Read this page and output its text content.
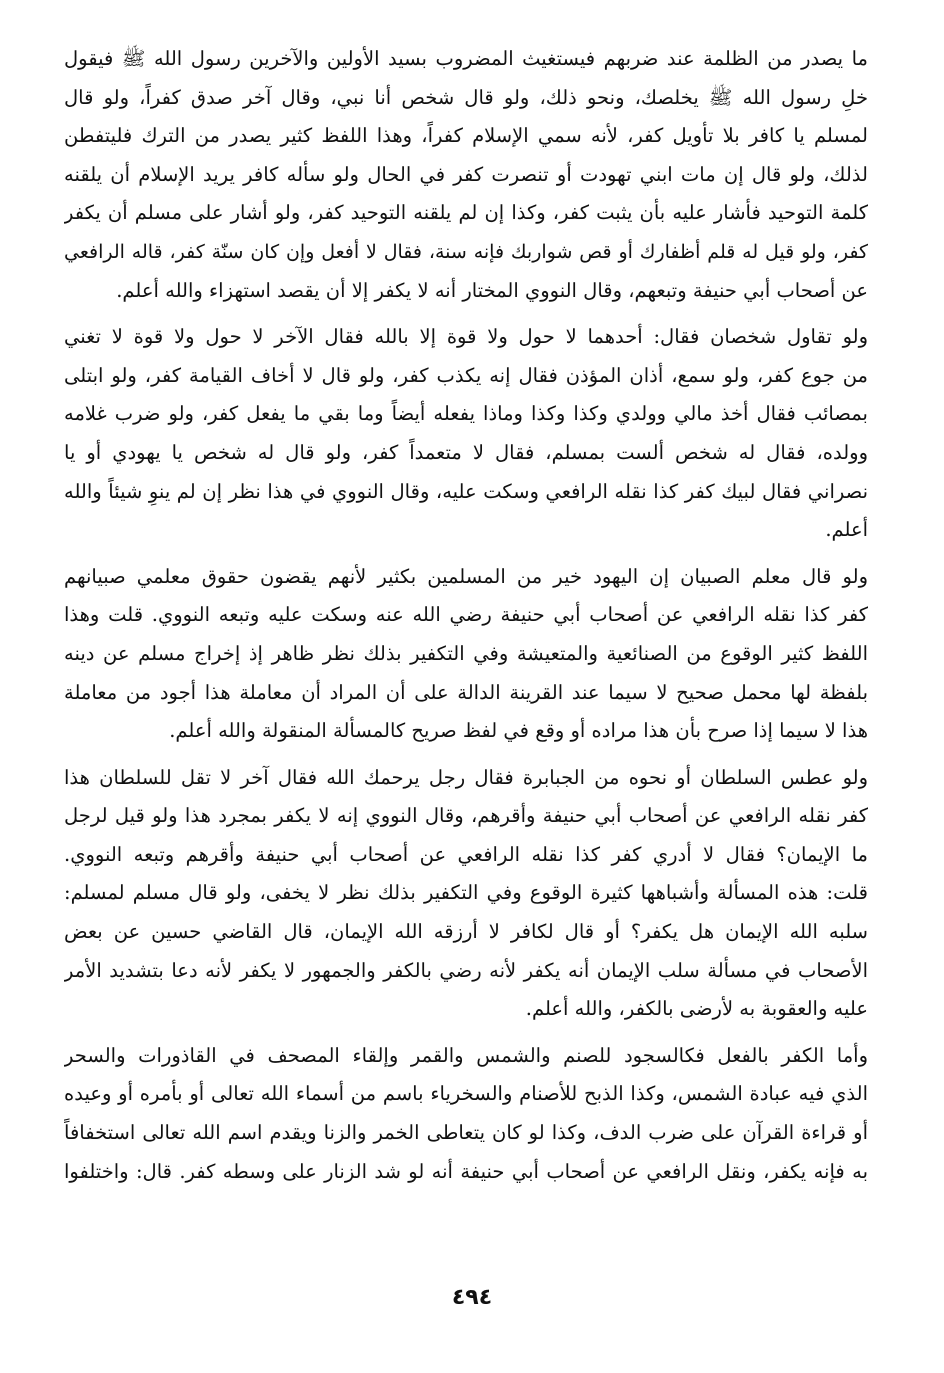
ما يصدر من الظلمة عند ضربهم فيستغيث المضروب بسيد الأولين والآخرين رسول الله ﷺ فيقول
خلِ رسول الله ﷺ يخلصك، ونحو ذلك، ولو قال شخص أنا نبي، وقال آخر صدق كفراً، ولو قال
لمسلم يا كافر بلا تأويل كفر، لأنه سمي الإسلام كفراً، وهذا اللفظ كثير يصدر من الترك فليتفطن
لذلك، ولو قال إن مات ابني تهودت أو تنصرت كفر في الحال ولو سأله كافر يريد الإسلام أن يلقنه
كلمة التوحيد فأشار عليه بأن يثبت كفر، وكذا إن لم يلقنه التوحيد كفر، ولو أشار على مسلم أن يكفر
كفر، ولو قيل له قلم أظفارك أو قص شواربك فإنه سنة، فقال لا أفعل وإن كان سنّة كفر، قاله الرافعي
عن أصحاب أبي حنيفة وتبعهم، وقال النووي المختار أنه لا يكفر إلا أن يقصد استهزاء والله أعلم.

ولو تقاول شخصان فقال: أحدهما لا حول ولا قوة إلا بالله فقال الآخر لا حول ولا قوة لا تغني
من جوع كفر، ولو سمع، أذان المؤذن فقال إنه يكذب كفر، ولو قال لا أخاف القيامة كفر، ولو ابتلى
بمصائب فقال أخذ مالي وولدي وكذا وكذا وماذا يفعله أيضاً وما بقي ما يفعل كفر، ولو ضرب غلامه
وولده، فقال له شخص ألست بمسلم، فقال لا متعمداً كفر، ولو قال له شخص يا يهودي أو يا
نصراني فقال لبيك كفر كذا نقله الرافعي وسكت عليه، وقال النووي في هذا نظر إن لم ينوِ شيئاً والله
أعلم.

ولو قال معلم الصبيان إن اليهود خير من المسلمين بكثير لأنهم يقضون حقوق معلمي صبيانهم
كفر كذا نقله الرافعي عن أصحاب أبي حنيفة رضي الله عنه وسكت عليه وتبعه النووي. قلت وهذا
اللفظ كثير الوقوع من الصنائعية والمتعيشة وفي التكفير بذلك نظر ظاهر إذ إخراج مسلم عن دينه
بلفظة لها محمل صحيح لا سيما عند القرينة الدالة على أن المراد أن معاملة هذا أجود من معاملة
هذا لا سيما إذا صرح بأن هذا مراده أو وقع في لفظ صريح كالمسألة المنقولة والله أعلم.

ولو عطس السلطان أو نحوه من الجبابرة فقال رجل يرحمك الله فقال آخر لا تقل للسلطان هذا
كفر نقله الرافعي عن أصحاب أبي حنيفة وأقرهم، وقال النووي إنه لا يكفر بمجرد هذا ولو قيل لرجل
ما الإيمان؟ فقال لا أدري كفر كذا نقله الرافعي عن أصحاب أبي حنيفة وأقرهم وتبعه النووي.
قلت: هذه المسألة وأشباهها كثيرة الوقوع وفي التكفير بذلك نظر لا يخفى، ولو قال مسلم لمسلم:
سلبه الله الإيمان هل يكفر؟ أو قال لكافر لا أرزقه الله الإيمان، قال القاضي حسين عن بعض
الأصحاب في مسألة سلب الإيمان أنه يكفر لأنه رضي بالكفر والجمهور لا يكفر لأنه دعا بتشديد الأمر
عليه والعقوبة به لأرضى بالكفر، والله أعلم.

وأما الكفر بالفعل فكالسجود للصنم والشمس والقمر وإلقاء المصحف في القاذورات والسحر
الذي فيه عبادة الشمس، وكذا الذبح للأصنام والسخرياء باسم من أسماء الله تعالى أو بأمره أو وعيده
أو قراءة القرآن على ضرب الدف، وكذا لو كان يتعاطى الخمر والزنا ويقدم اسم الله تعالى استخفافاً
به فإنه يكفر، ونقل الرافعي عن أصحاب أبي حنيفة أنه لو شد الزنار على وسطه كفر. قال: واختلفوا

٤٩٤
